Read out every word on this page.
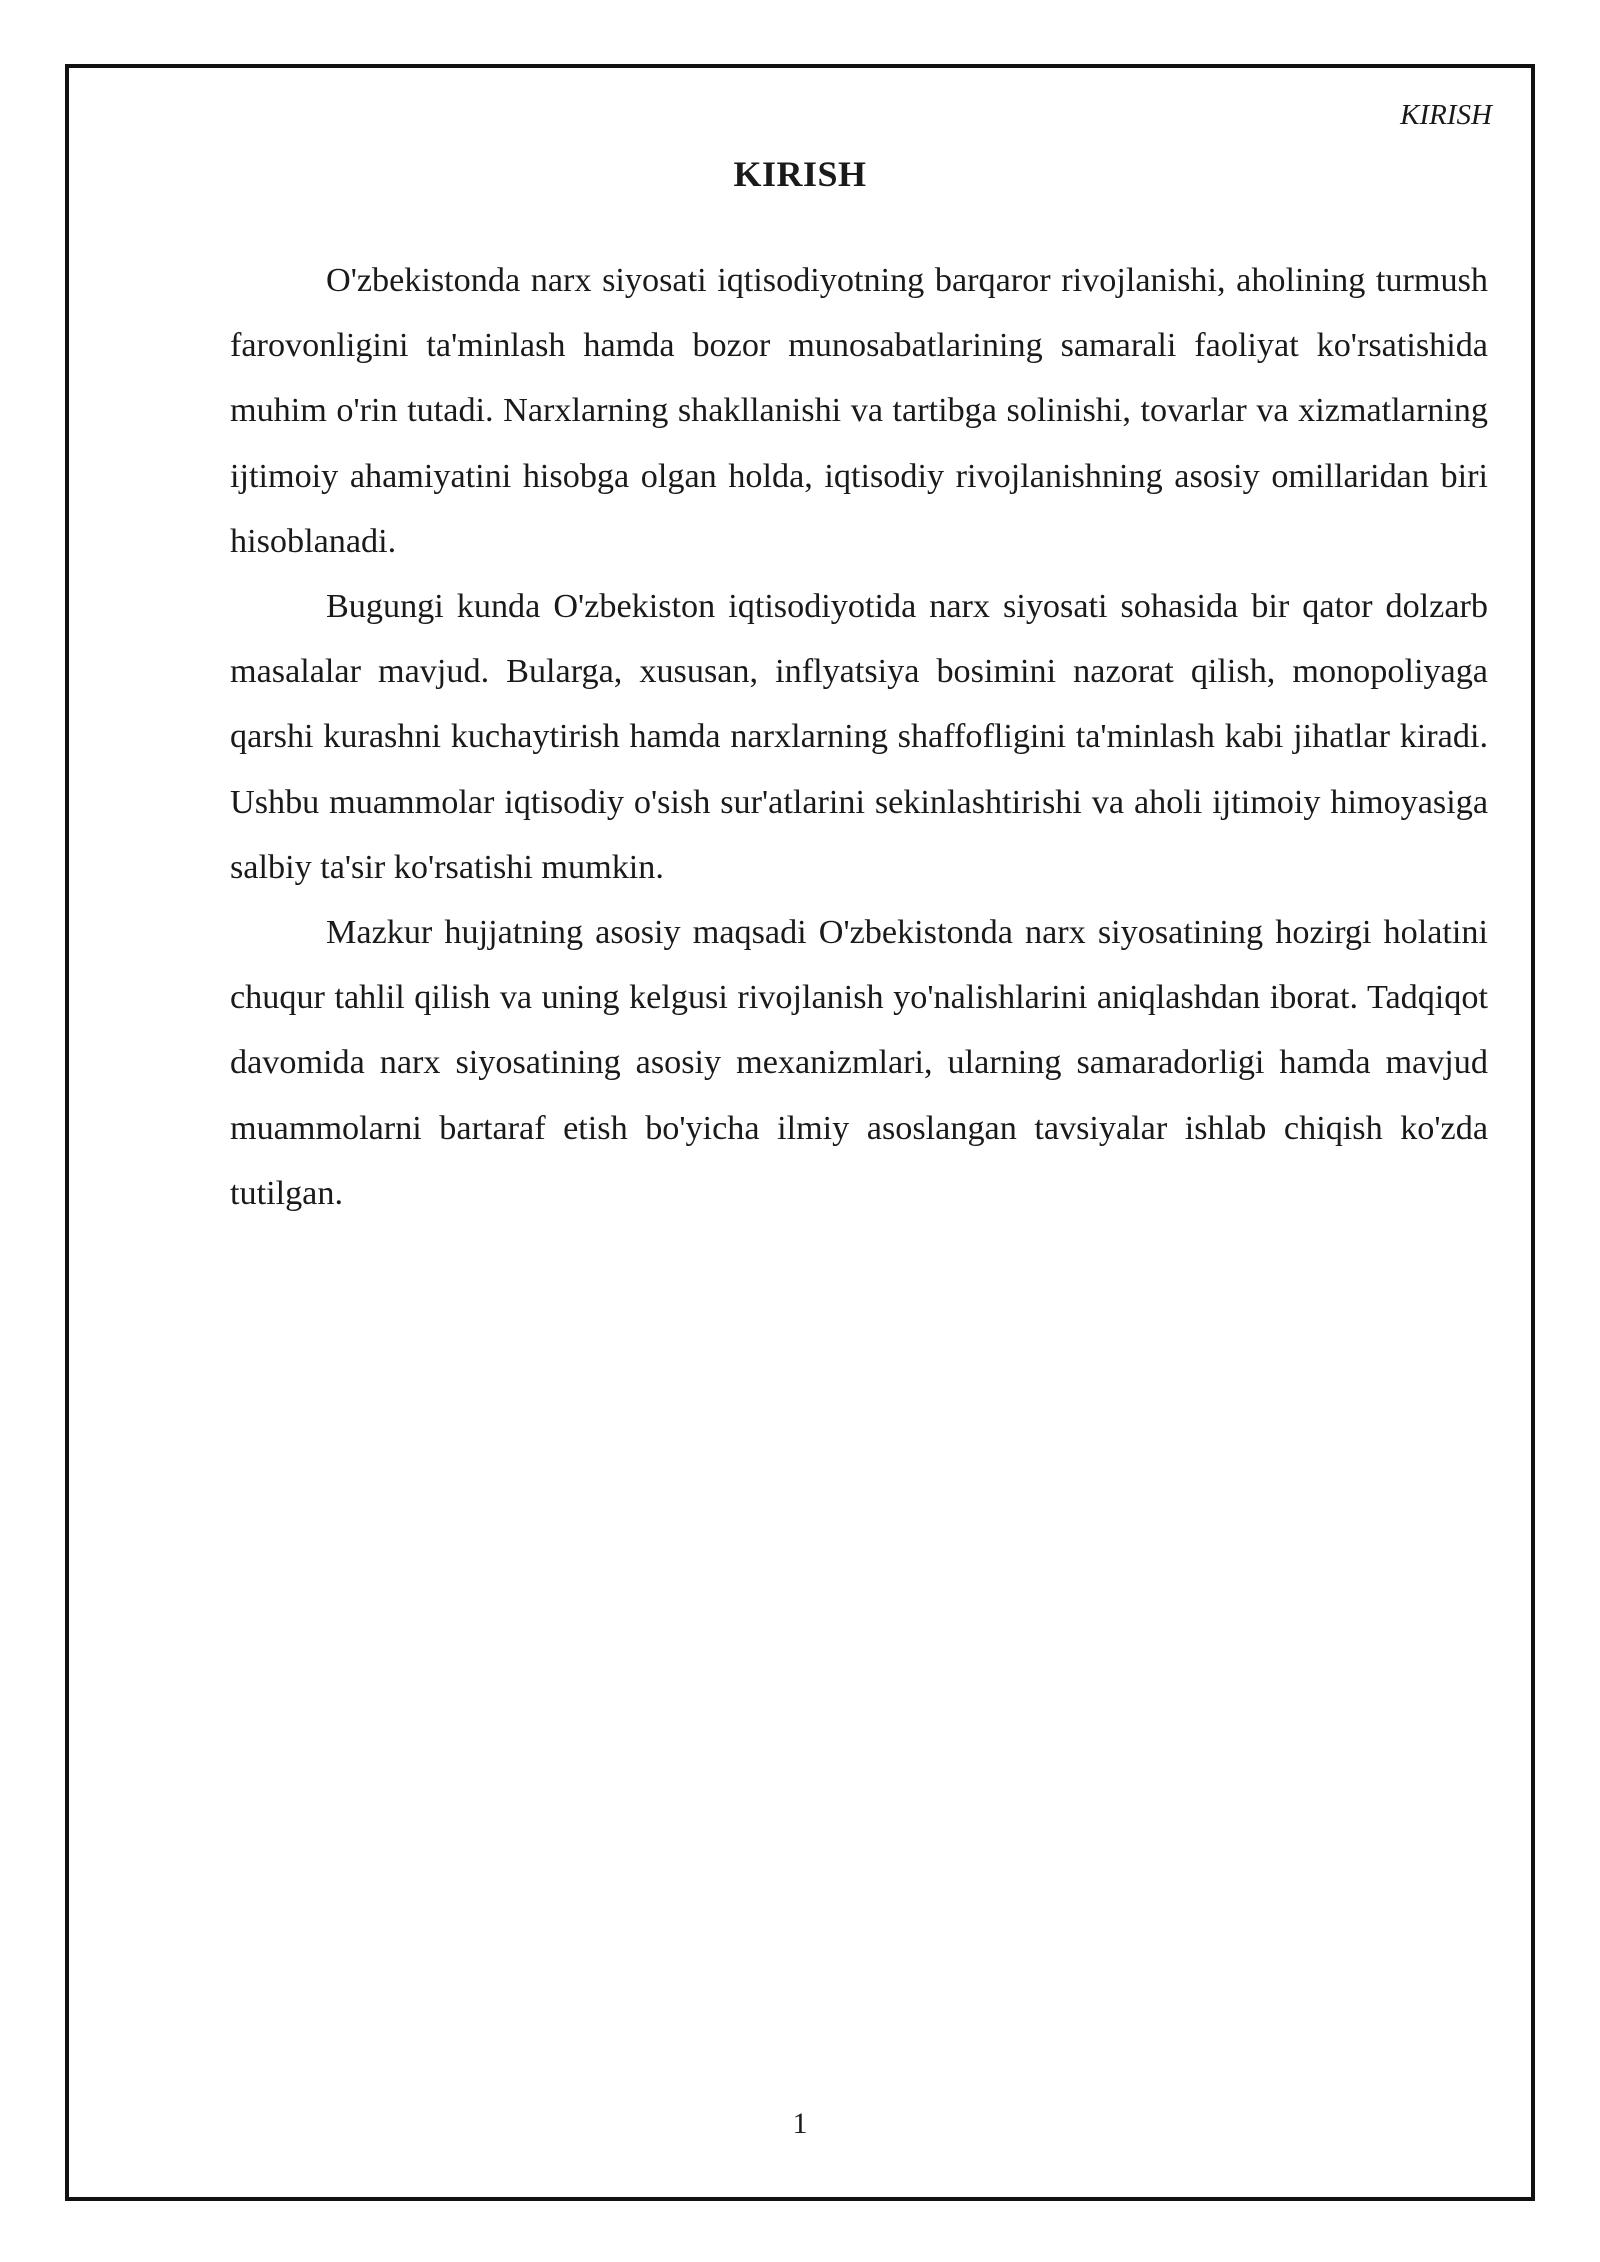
KIRISH
KIRISH

O'zbekistonda narx siyosati iqtisodiyotning barqaror rivojlanishi, aholining turmush farovonligini ta'minlash hamda bozor munosabatlarining samarali faoliyat ko'rsatishida muhim o'rin tutadi. Narxlarning shakllanishi va tartibga solinishi, tovarlar va xizmatlarning ijtimoiy ahamiyatini hisobga olgan holda, iqtisodiy rivojlanishning asosiy omillaridan biri hisoblanadi.

Bugungi kunda O'zbekiston iqtisodiyotida narx siyosati sohasida bir qator dolzarb masalalar mavjud. Bularga, xususan, inflyatsiya bosimini nazorat qilish, monopoliyaga qarshi kurashni kuchaytirish hamda narxlarning shaffofligini ta'minlash kabi jihatlar kiradi. Ushbu muammolar iqtisodiy o'sish sur'atlarini sekinlashtirishi va aholi ijtimoiy himoyasiga salbiy ta'sir ko'rsatishi mumkin.

Mazkur hujjatning asosiy maqsadi O'zbekistonda narx siyosatining hozirgi holatini chuqur tahlil qilish va uning kelgusi rivojlanish yo'nalishlarini aniqlashdan iborat. Tadqiqot davomida narx siyosatining asosiy mexanizmlari, ularning samaradorligi hamda mavjud muammolarni bartaraf etish bo'yicha ilmiy asoslangan tavsiyalar ishlab chiqish ko'zda tutilgan.

1
